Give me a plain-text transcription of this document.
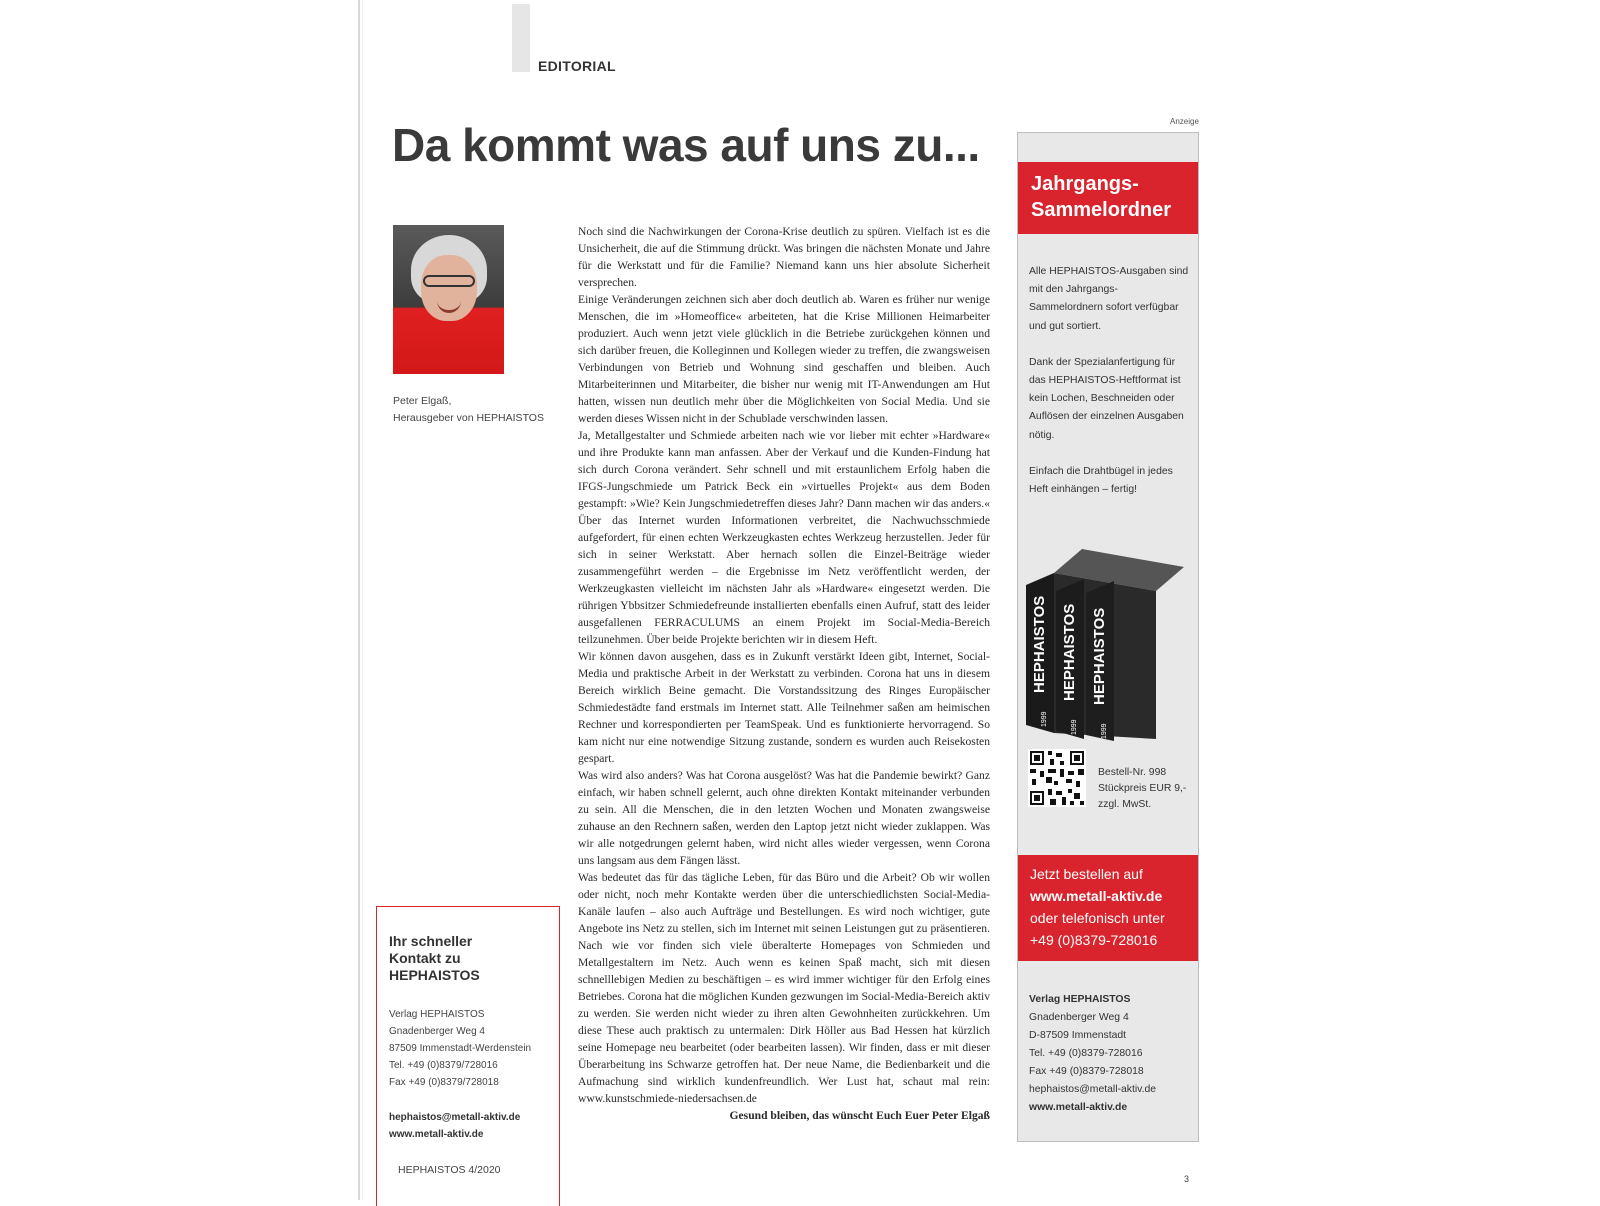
EDITORIAL
Da kommt was auf uns zu...
Peter Elgaß,
Herausgeber von HEPHAISTOS

Noch sind die Nachwirkungen der Corona-Krise deutlich zu spüren. Vielfach ist es die Unsicherheit, die auf die Stimmung drückt. Was bringen die nächsten Monate und Jahre für die Werkstatt und für die Familie? Niemand kann uns hier absolute Sicherheit versprechen.

Einige Veränderungen zeichnen sich aber doch deutlich ab. Waren es früher nur wenige Menschen, die im »Homeoffice« arbeiteten, hat die Krise Millionen Heimarbeiter produziert. Auch wenn jetzt viele glücklich in die Betriebe zurückgehen können und sich darüber freuen, die Kolleginnen und Kollegen wieder zu treffen, die zwangsweisen Verbindungen von Betrieb und Wohnung sind geschaffen und bleiben. Auch Mitarbeiterinnen und Mitarbeiter, die bisher nur wenig mit IT-Anwendungen am Hut hatten, wissen nun deutlich mehr über die Möglichkeiten von Social Media. Und sie werden dieses Wissen nicht in der Schublade verschwinden lassen.

Ja, Metallgestalter und Schmiede arbeiten nach wie vor lieber mit echter »Hardware« und ihre Produkte kann man anfassen. Aber der Verkauf und die Kunden-Findung hat sich durch Corona verändert. Sehr schnell und mit erstaunlichem Erfolg haben die IFGS-Jungschmiede um Patrick Beck ein »virtuelles Projekt« aus dem Boden gestampft: »Wie? Kein Jungschmiedetreffen dieses Jahr? Dann machen wir das anders.« Über das Internet wurden Informationen verbreitet, die Nachwuchsschmiede aufgefordert, für einen echten Werkzeugkasten echtes Werkzeug herzustellen. Jeder für sich in seiner Werkstatt. Aber hernach sollen die Einzel-Beiträge wieder zusammengeführt werden – die Ergebnisse im Netz veröffentlicht werden, der Werkzeugkasten vielleicht im nächsten Jahr als »Hardware« eingesetzt werden. Die rührigen Ybbsitzer Schmiedefreunde installierten ebenfalls einen Aufruf, statt des leider ausgefallenen FERRACULUMS an einem Projekt im Social-Media-Bereich teilzunehmen. Über beide Projekte berichten wir in diesem Heft.

Wir können davon ausgehen, dass es in Zukunft verstärkt Ideen gibt, Internet, Social-Media und praktische Arbeit in der Werkstatt zu verbinden. Corona hat uns in diesem Bereich wirklich Beine gemacht. Die Vorstandssitzung des Ringes Europäischer Schmiedestädte fand erstmals im Internet statt. Alle Teilnehmer saßen am heimischen Rechner und korrespondierten per TeamSpeak. Und es funktionierte hervorragend. So kam nicht nur eine notwendige Sitzung zustande, sondern es wurden auch Reisekosten gespart.

Was wird also anders? Was hat Corona ausgelöst? Was hat die Pandemie bewirkt? Ganz einfach, wir haben schnell gelernt, auch ohne direkten Kontakt miteinander verbunden zu sein. All die Menschen, die in den letzten Wochen und Monaten zwangsweise zuhause an den Rechnern saßen, werden den Laptop jetzt nicht wieder zuklappen. Was wir alle notgedrungen gelernt haben, wird nicht alles wieder vergessen, wenn Corona uns langsam aus dem Fängen lässt.

Was bedeutet das für das tägliche Leben, für das Büro und die Arbeit? Ob wir wollen oder nicht, noch mehr Kontakte werden über die unterschiedlichsten Social-Media-Kanäle laufen – also auch Aufträge und Bestellungen. Es wird noch wichtiger, gute Angebote ins Netz zu stellen, sich im Internet mit seinen Leistungen gut zu präsentieren. Nach wie vor finden sich viele überalterte Homepages von Schmieden und Metallgestaltern im Netz. Auch wenn es keinen Spaß macht, sich mit diesen schnelllebigen Medien zu beschäftigen – es wird immer wichtiger für den Erfolg eines Betriebes. Corona hat die möglichen Kunden gezwungen im Social-Media-Bereich aktiv zu werden. Sie werden nicht wieder zu ihren alten Gewohnheiten zurückkehren. Um diese These auch praktisch zu untermalen: Dirk Höller aus Bad Hessen hat kürzlich seine Homepage neu bearbeitet (oder bearbeiten lassen). Wir finden, dass er mit dieser Überarbeitung ins Schwarze getroffen hat. Der neue Name, die Bedienbarkeit und die Aufmachung sind wirklich kundenfreundlich. Wer Lust hat, schaut mal rein: www.kunstschmiede-niedersachsen.de

Gesund bleiben, das wünscht Euch Euer Peter Elgaß

Ihr schneller Kontakt zu HEPHAISTOS
Verlag HEPHAISTOS
Gnadenberger Weg 4
87509 Immenstadt-Werdenstein
Tel. +49 (0)8379/728016
Fax +49 (0)8379/728018
hephaistos@metall-aktiv.de
www.metall-aktiv.de
HEPHAISTOS 4/2020
Anzeige
Jahrgangs-
Sammelordner

Alle HEPHAISTOS-Ausgaben sind mit den Jahrgangs-Sammelordnern sofort verfügbar und gut sortiert.

Dank der Spezialanfertigung für das HEPHAISTOS-Heftformat ist kein Lochen, Beschneiden oder Auflösen der einzelnen Ausgaben nötig.

Einfach die Drahtbügel in jedes Heft einhängen – fertig!

HEPHAISTOS
1999
HEPHAISTOS
1999
HEPHAISTOS
1999
Bestell-Nr. 998
Stückpreis EUR 9,-
zzgl. MwSt.
Jetzt bestellen auf
www.metall-aktiv.de
oder telefonisch unter
+49 (0)8379-728016
Verlag HEPHAISTOS
Gnadenberger Weg 4
D-87509 Immenstadt
Tel. +49 (0)8379-728016
Fax +49 (0)8379-728018
hephaistos@metall-aktiv.de
www.metall-aktiv.de
3
